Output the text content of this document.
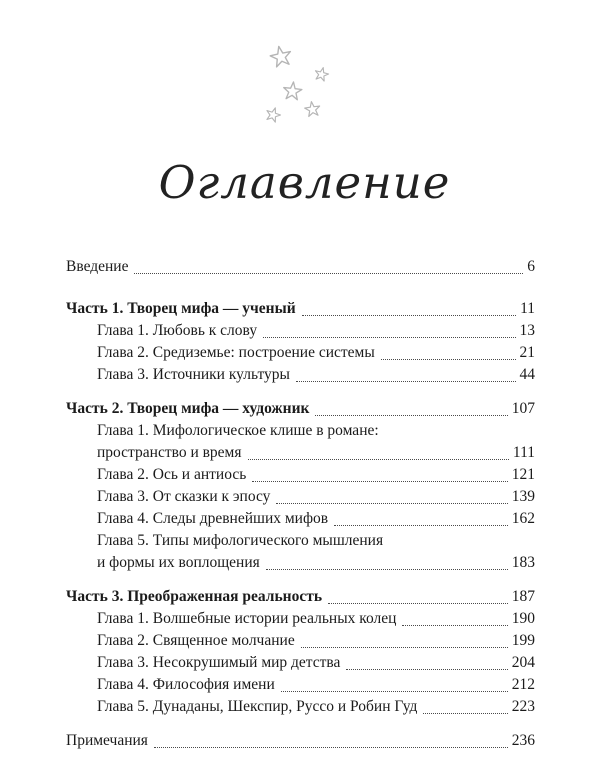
Оглавление
Введение	6
Часть 1. Творец мифа — ученый	11
Глава 1. Любовь к слову	13
Глава 2. Средиземье: построение системы	21
Глава 3. Источники культуры	44
Часть 2. Творец мифа — художник	107
Глава 1. Мифологическое клише в романе:
пространство и время	111
Глава 2. Ось и антиось	121
Глава 3. От сказки к эпосу	139
Глава 4. Следы древнейших мифов	162
Глава 5. Типы мифологического мышления
и формы их воплощения	183
Часть 3. Преображенная реальность	187
Глава 1. Волшебные истории реальных колец	190
Глава 2. Священное молчание	199
Глава 3. Несокрушимый мир детства	204
Глава 4. Философия имени	212
Глава 5. Дунаданы, Шекспир, Руссо и Робин Гуд	223
Примечания	236
